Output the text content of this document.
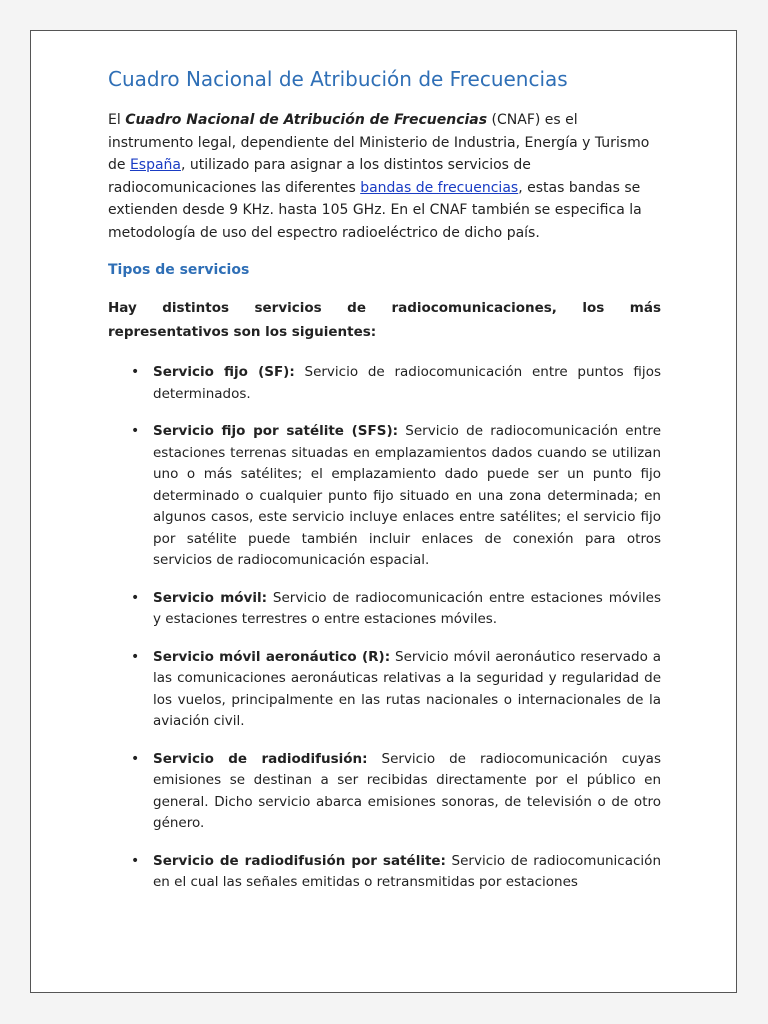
Cuadro Nacional de Atribución de Frecuencias

El Cuadro Nacional de Atribución de Frecuencias (CNAF) es el instrumento legal, dependiente del Ministerio de Industria, Energía y Turismo de España, utilizado para asignar a los distintos servicios de radiocomunicaciones las diferentes bandas de frecuencias, estas bandas se extienden desde 9 KHz. hasta 105 GHz. En el CNAF también se especifica la metodología de uso del espectro radioeléctrico de dicho país.

Tipos de servicios

Hay distintos servicios de radiocomunicaciones, los más representativos son los siguientes:

• Servicio fijo (SF): Servicio de radiocomunicación entre puntos fijos determinados.
• Servicio fijo por satélite (SFS): Servicio de radiocomunicación entre estaciones terrenas situadas en emplazamientos dados cuando se utilizan uno o más satélites; el emplazamiento dado puede ser un punto fijo determinado o cualquier punto fijo situado en una zona determinada; en algunos casos, este servicio incluye enlaces entre satélites; el servicio fijo por satélite puede también incluir enlaces de conexión para otros servicios de radiocomunicación espacial.
• Servicio móvil: Servicio de radiocomunicación entre estaciones móviles y estaciones terrestres o entre estaciones móviles.
• Servicio móvil aeronáutico (R): Servicio móvil aeronáutico reservado a las comunicaciones aeronáuticas relativas a la seguridad y regularidad de los vuelos, principalmente en las rutas nacionales o internacionales de la aviación civil.
• Servicio de radiodifusión: Servicio de radiocomunicación cuyas emisiones se destinan a ser recibidas directamente por el público en general. Dicho servicio abarca emisiones sonoras, de televisión o de otro género.
• Servicio de radiodifusión por satélite: Servicio de radiocomunicación en el cual las señales emitidas o retransmitidas por estaciones
